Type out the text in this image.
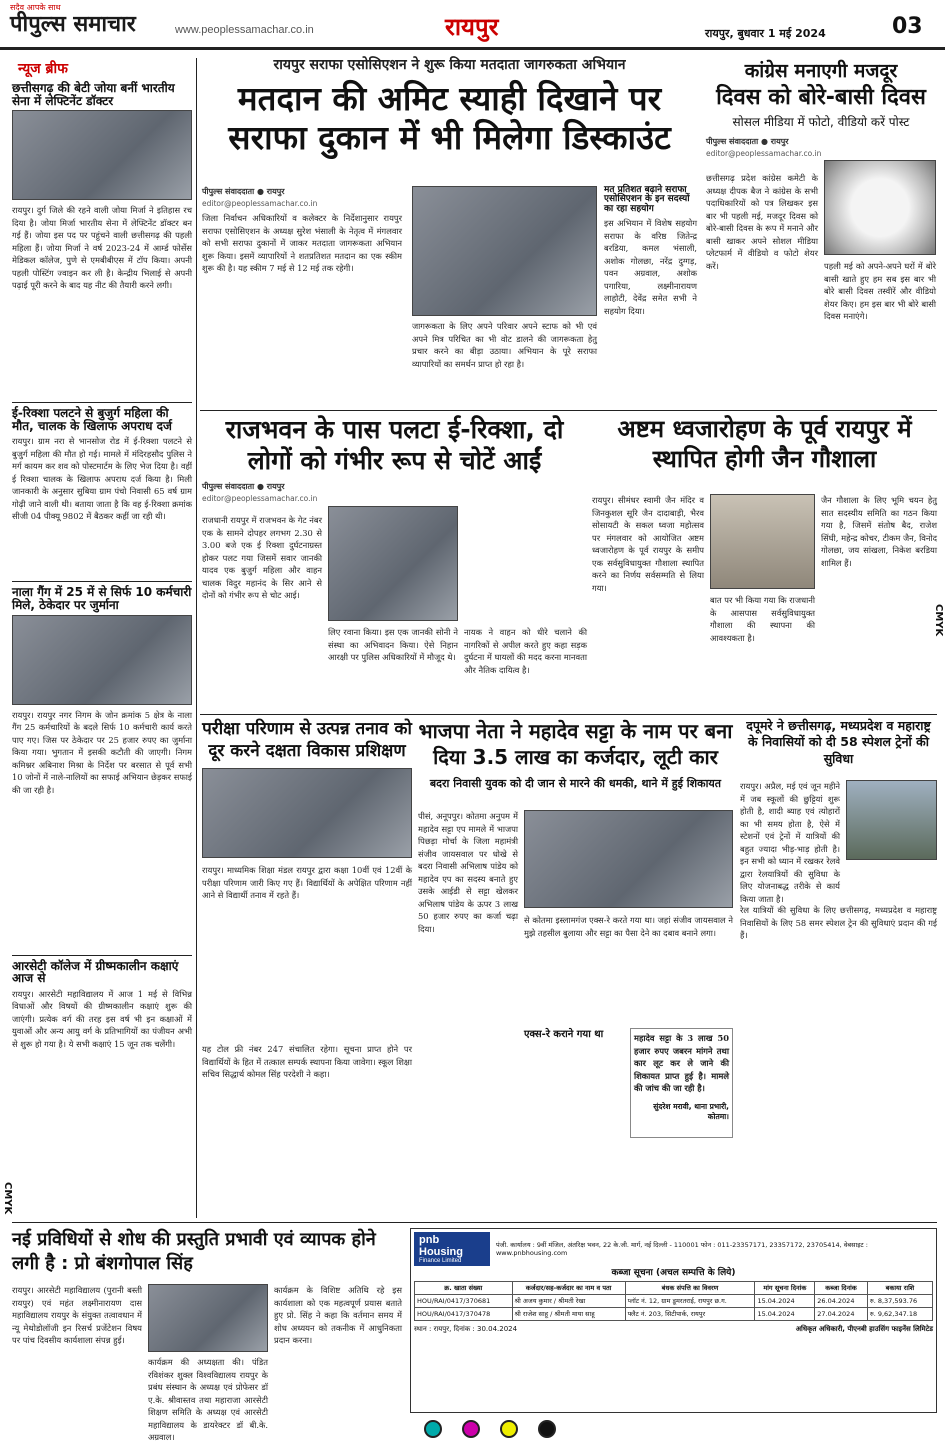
सदैव आपके साथ
पीपुल्स समाचार	www.peoplessamachar.co.in	रायपुर	रायपुर, बुधवार 1 मई 2024	03
न्यूज ब्रीफ
छत्तीसगढ़ की बेटी जोया बनीं भारतीय सेना में लेफ्टिनेंट डॉक्टर
रायपुर। दुर्ग जिले की रहने वाली जोया मिर्जा ने इतिहास रच दिया है। जोया मिर्जा भारतीय सेना में लेफ्टिनेंट डॉक्टर बन गई हैं। जोया इस पद पर पहुंचने वाली छत्तीसगढ़ की पहली महिला हैं। जोया मिर्जा ने वर्ष 2023-24 में आर्म्ड फोर्सेस मेडिकल कॉलेज, पुणे से एमबीबीएस में टॉप किया। अपनी पहली पोस्टिंग ज्वाइन कर ली है। केन्द्रीय भिलाई से अपनी पढ़ाई पूरी करने के बाद यह नीट की तैयारी करने लगी।
ई-रिक्शा पलटने से बुजुर्ग महिला की मौत, चालक के खिलाफ अपराध दर्ज
रायपुर। ग्राम नरा से भानसोज रोड में ई-रिक्शा पलटने से बुजुर्ग महिला की मौत हो गई। मामले में मंदिरहसौद पुलिस ने मर्ग कायम कर शव को पोस्टमार्टम के लिए भेज दिया है। वहीं ई रिक्शा चालक के खिलाफ अपराध दर्ज किया है। मिली जानकारी के अनुसार सुबिया ग्राम पंचो निवासी 65 वर्ष ग्राम गोढ़ी जाने वाली थी। बताया जाता है कि वह ई-रिक्शा क्रमांक सीजी 04 पीक्यू 9802 में बैठकर कहीं जा रही थी।
नाला गैंग में 25 में से सिर्फ 10 कर्मचारी मिले, ठेकेदार पर जुर्माना
रायपुर। रायपुर नगर निगम के जोन क्रमांक 5 क्षेत्र के नाला गैंग 25 कर्मचारियों के बदले सिर्फ 10 कर्मचारी कार्य करते पाए गए। जिस पर ठेकेदार पर 25 हजार रुपए का जुर्माना किया गया। भुगतान में इसकी कटौती की जाएगी। निगम कमिश्नर अबिनाश मिश्रा के निर्देश पर बरसात से पूर्व सभी 10 जोनों में नाले-नालियों का सफाई अभियान छेड़कर सफाई की जा रही है।
आरसेटी कॉलेज में ग्रीष्मकालीन कक्षाएं आज से
रायपुर। आरसेटी महाविद्यालय में आज 1 मई से विभिन्न विधाओं और विषयों की ग्रीष्मकालीन कक्षाएं शुरू की जाएंगी। प्रत्येक वर्ग की तरह इस वर्ष भी इन कक्षाओं में युवाओं और अन्य आयु वर्ग के प्रतिभागियों का पंजीयन अभी से शुरू हो गया है। ये सभी कक्षाएं 15 जून तक चलेंगी।
रायपुर सराफा एसोसिएशन ने शुरू किया मतदाता जागरुकता अभियान
मतदान की अमिट स्याही दिखाने पर सराफा दुकान में भी मिलेगा डिस्काउंट
पीपुल्स संवाददाता ● रायपुर
editor@peoplessamachar.co.in
जिला निर्वाचन अधिकारियों व कलेक्टर के निर्देशानुसार रायपुर सराफा एसोसिएशन के अध्यक्ष सुरेश भंसाली के नेतृत्व में मंगलवार को सभी सराफा दुकानों में जाकर मतदाता जागरूकता अभियान शुरू किया। इसमें व्यापारियों ने शतप्रतिशत मतदान का एक स्कीम शुरू की है। यह स्कीम 7 मई से 12 मई तक रहेगी।
जागरूकता के लिए अपने परिवार अपने स्टाफ को भी एवं अपने मित्र परिचित का भी वोट डालने की जागरूकता हेतु प्रचार करने का बीड़ा उठाया। अभियान के पूरे सराफा व्यापारियों का समर्थन प्राप्त हो रहा है।
मत प्रतिशत बढ़ाने सराफा एसोसिएशन के इन सदस्यों का रहा सहयोग
इस अभियान में विशेष सहयोग सराफा के वरिष्ठ जितेन्द्र बरडिया, कमल भंसाली, अशोक गोलछा, नरेंद्र दुग्गड़, पवन अग्रवाल, अशोक पगारिया, लक्ष्मीनारायण लाहोटी, देवेंद्र समेत सभी ने सहयोग दिया।
कांग्रेस मनाएगी मजदूर
दिवस को बोरे-बासी दिवस
सोसल मीडिया में फोटो, वीडियो करें पोस्ट
पीपुल्स संवाददाता ● रायपुर
editor@peoplessamachar.co.in
छत्तीसगढ़ प्रदेश कांग्रेस कमेटी के अध्यक्ष दीपक बैज ने कांग्रेस के सभी पदाधिकारियों को पत्र लिखकर इस बार भी पहली मई, मजदूर दिवस को बोरे-बासी दिवस के रूप में मनाने और बासी खाकर अपने सोशल मीडिया प्लेटफार्म में वीडियो व फोटो शेयर करें।	पहली मई को अपने-अपने घरों में बोरे बासी खाते हुए हम सब इस बार भी बोरे बासी दिवस तस्वीरें और वीडियो शेयर किए। हम इस बार भी बोरे बासी दिवस मनाएंगे।
राजभवन के पास पलटा ई-रिक्शा, दो लोगों को गंभीर रूप से चोटें आईं
पीपुल्स संवाददाता ● रायपुर
editor@peoplessamachar.co.in
राजधानी रायपुर में राजभवन के गेट नंबर एक के सामने दोपहर लगभग 2.30 से 3.00 बजे एक ई रिक्शा दुर्घटनाग्रस्त होकर पलट गया जिसमें सवार जानकी यादव एक बुजुर्ग महिला और वाहन चालक विदुर महानंद के सिर आने से दोनों को गंभीर रूप से चोट आई।
लिए रवाना किया। इस एक जानकी सोनी ने संस्था का अभिवादन किया। ऐसे निहान आरक्षी पर पुलिस अधिकारियों में मौजूद थे।
नायक ने वाहन को धीरे चलाने की नागरिकों से अपील करते हुए कहा सड़क दुर्घटना में घायलों की मदद करना मानवता और नैतिक दायित्व है।
अष्टम ध्वजारोहण के पूर्व रायपुर में स्थापित होगी जैन गौशाला
रायपुर। सीमंधर स्वामी जैन मंदिर व जिनकुशल सूरि जैन दादाबाड़ी, भैरव सोसायटी के सकल ध्वजा महोत्सव पर मंगलवार को आयोजित अष्टम ध्वजारोहण के पूर्व रायपुर के समीप एक सर्वसुविधायुक्त गौशाला स्थापित करने का निर्णय सर्वसम्मति से लिया गया।
बात पर भी किया गया कि राजधानी के आसपास सर्वसुविधायुक्त गौशाला की स्थापना की आवश्यकता है।
जैन गौशाला के लिए भूमि चयन हेतु सात सदस्यीय समिति का गठन किया गया है, जिसमें संतोष बैद, राजेश सिंघी, महेन्द्र कोचर, टीकम जैन, विनोद गोलछा, जय सांखला, निकेश बरडिया शामिल हैं।
परीक्षा परिणाम से उत्पन्न तनाव को दूर करने दक्षता विकास प्रशिक्षण
रायपुर। माध्यमिक शिक्षा मंडल रायपुर द्वारा कक्षा 10वीं एवं 12वीं के परीक्षा परिणाम जारी किए गए हैं। विद्यार्थियों के अपेक्षित परिणाम नहीं आने से विद्यार्थी तनाव में रहते हैं।
यह टोल फ्री नंबर 247 संचालित रहेगा। सूचना प्राप्त होने पर विद्यार्थियों के हित में तत्काल सम्पर्क स्थापना किया जावेगा। स्कूल शिक्षा सचिव सिद्धार्थ कोमल सिंह परदेशी ने कहा।
भाजपा नेता ने महादेव सट्टा के नाम पर बना दिया 3.5 लाख का कर्जदार, लूटी कार
बदरा निवासी युवक को दी जान से मारने की धमकी, थाने में हुई शिकायत
पीसं, अनूपपुर। कोतमा अनुपम में महादेव सट्टा एप मामले में भाजपा पिछड़ा मोर्चा के जिला महामंत्री संजीव जायसवाल पर धोखे से बदरा निवासी अभिलाष पांडेय को महादेव एप का सदस्य बनाते हुए उसके आईडी से सट्टा खेलकर अभिलाष पांडेय के ऊपर 3 लाख 50 हजार रुपए का कर्जा चढ़ा दिया।
से कोतमा इस्लामगंज एक्स-रे करते गया था। जहां संजीव जायसवाल ने मुझे तहसील बुलाया और सट्टा का पैसा देने का दबाव बनाने लगा।
एक्स-रे कराने गया था	महादेव सट्टा के 3 लाख 50 हजार रुपए जबरन मांगने तथा कार लूट कर ले जाने की शिकायत प्राप्त हुई है। मामले की जांच की जा रही है।
सुंदरेश मरावी, थाना प्रभारी, कोतमा।
दपूमरे ने छत्तीसगढ़, मध्यप्रदेश व महाराष्ट्र के निवासियों को दी 58 स्पेशल ट्रेनों की सुविधा
रायपुर। अप्रैल, मई एवं जून महीने में जब स्कूलों की छुट्टियां शुरू होती है, शादी ब्याह एवं त्योहारों का भी समय होता है, ऐसे में स्टेशनों एवं ट्रेनों में यात्रियों की बहुत ज्यादा भीड़-भाड़ होती है। इन सभी को ध्यान में रखकर रेलवे द्वारा रेलयात्रियों की सुविधा के लिए योजनाबद्ध तरीके से कार्य किया जाता है।
रेल यात्रियों की सुविधा के लिए छत्तीसगढ़, मध्यप्रदेश व महाराष्ट्र निवासियों के लिए 58 समर स्पेशल ट्रेन की सुविधाएं प्रदान की गई हैं।
नई प्रविधियों से शोध की प्रस्तुति प्रभावी एवं व्यापक होने लगी है : प्रो बंशगोपाल सिंह
रायपुर। आरसेटी महाविद्यालय (पुरानी बस्ती रायपुर) एवं महंत लक्ष्मीनारायण दास महाविद्यालय रायपुर के संयुक्त तत्वावधान में न्यू मेथोडोलॉजी इन रिसर्च प्रजेंटेशन विषय पर पांच दिवसीय कार्यशाला संपन्न हुई।
कार्यक्रम की अध्यक्षता की। पंडित रविशंकर शुक्ल विश्वविद्यालय रायपुर के प्रबंध संस्थान के अध्यक्ष एवं प्रोफेसर डॉ ए.के. श्रीवास्तव तथा महाराजा आरसेटी शिक्षण समिति के अध्यक्ष एवं आरसेटी महाविद्यालय के डायरेक्टर डॉ बी.के. अग्रवाल।
कार्यक्रम के विशिष्ट अतिथि रहे इस कार्यशाला को एक महत्वपूर्ण प्रयास बताते हुए प्रो. सिंह ने कहा कि वर्तमान समय में शोध अध्ययन को तकनीक में आधुनिकता प्रदान करना।
pnb Housing
Finance Limited
पंजी. कार्यालय : 9वीं मंजिल, अंतरिक्ष भवन, 22 के.जी. मार्ग, नई दिल्ली - 110001 फोन : 011-23357171, 23357172, 23705414, वेबसाइट : www.pnbhousing.com
कब्जा सूचना (अचल सम्पत्ति के लिये)
क्र. खाता संख्या	कर्जदार/सह-कर्जदार का नाम व पता	बंधक संपत्ति का विवरण	मांग सूचना दिनांक	कब्जा दिनांक	बकाया राशि
HOU/RAI/0417/370681	श्री अजय कुमार / श्रीमती रेखा	प्लॉट नं. 12, ग्राम डूमरतराई, रायपुर छ.ग.	15.04.2024	26.04.2024	रु. 8,37,593.76
HOU/RAI/0417/370478	श्री राजेश साहू / श्रीमती माया साहू	फ्लैट नं. 203, सिटीपार्क, रायपुर	15.04.2024	27.04.2024	रु. 9,62,347.18
स्थान : रायपुर, दिनांक : 30.04.2024	अधिकृत अधिकारी, पीएनबी हाउसिंग फाइनेंस लिमिटेड
CMYK
CMYK
